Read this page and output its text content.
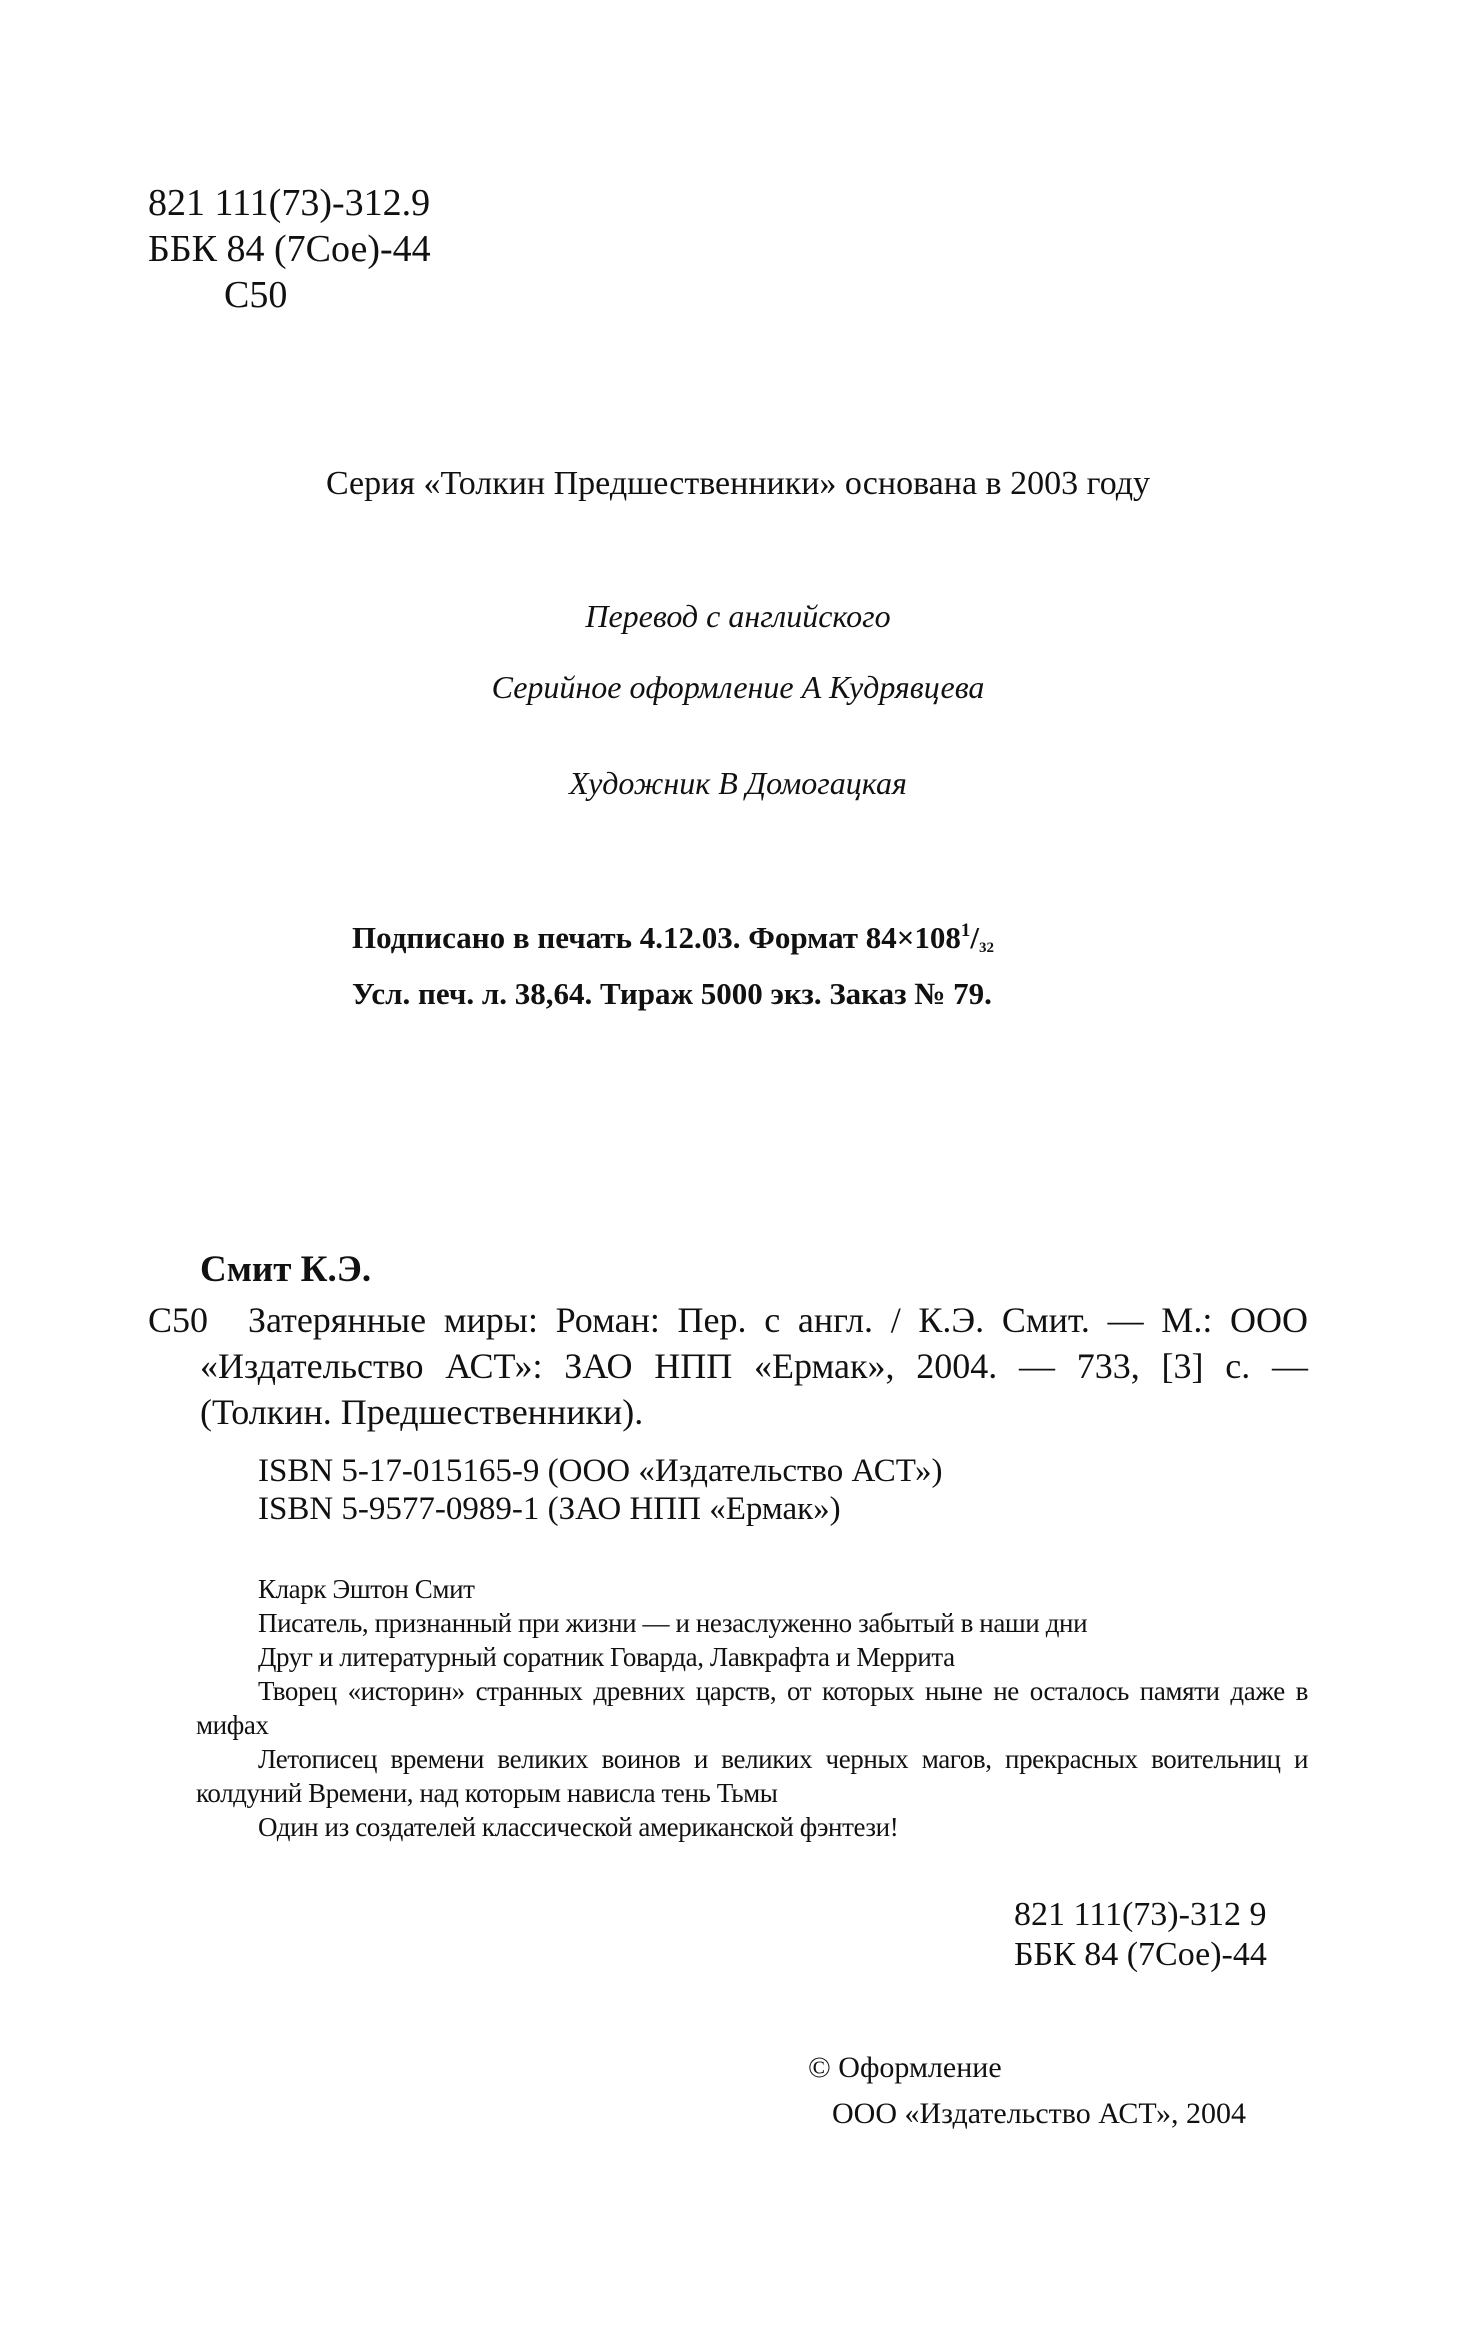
821 111(73)-312.9
ББК 84 (7Сое)-44
С50
Серия «Толкин Предшественники» основана в 2003 году
Перевод с английского
Серийное оформление А Кудрявцева
Художник В Домогацкая
Подписано в печать 4.12.03. Формат $84\times 108^1/_{32}$
Усл. печ. л. 38,64. Тираж 5000 экз. Заказ № 79.
Смит К.Э.
С50	Затерянные миры: Роман: Пер. с англ. / К.Э. Смит. — М.: ООО «Издательство АСТ»: ЗАО НПП «Ермак», 2004. — 733, [3] с. — (Толкин. Предшественники).
ISBN 5-17-015165-9 (ООО «Издательство АСТ»)
ISBN 5-9577-0989-1 (ЗАО НПП «Ермак»)

Кларк Эштон Смит

Писатель, признанный при жизни — и незаслуженно забытый в наши дни

Друг и литературный соратник Говарда, Лавкрафта и Меррита

Творец «историн» странных древних царств, от которых ныне не осталось памяти даже в мифах

Летописец времени великих воинов и великих черных магов, прекрасных воительниц и колдуний Времени, над которым нависла тень Тьмы

Один из создателей классической американской фэнтези!

821 111(73)-312 9
ББК 84 (7Сое)-44
© Оформление
ООО «Издательство АСТ», 2004
